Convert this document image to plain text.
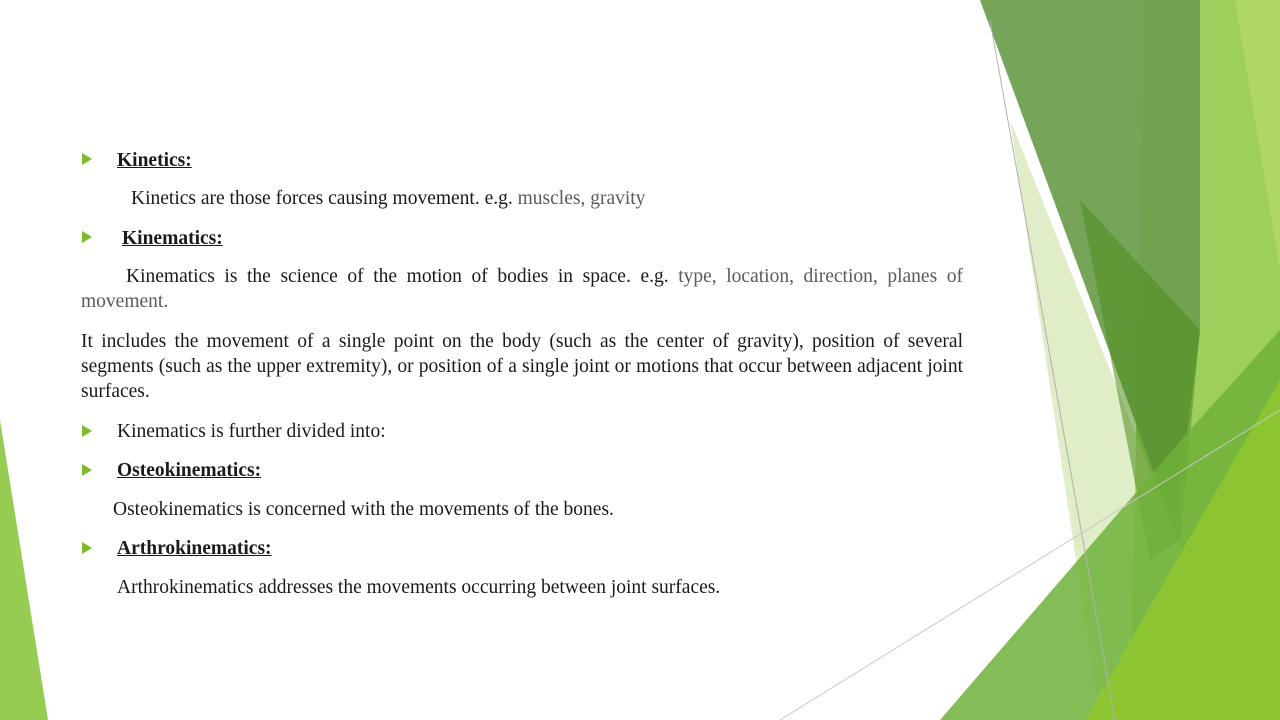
Kinetics:
Kinetics are those forces causing movement. e.g. muscles, gravity
Kinematics:
Kinematics is the science of the motion of bodies in space. e.g. type, location, direction, planes of movement.
It includes the movement of a single point on the body (such as the center of gravity), position of several segments (such as the upper extremity), or position of a single joint or motions that occur between adjacent joint surfaces.
Kinematics is further divided into:
Osteokinematics:
Osteokinematics is concerned with the movements of the bones.
Arthrokinematics:
Arthrokinematics addresses the movements occurring between joint surfaces.
